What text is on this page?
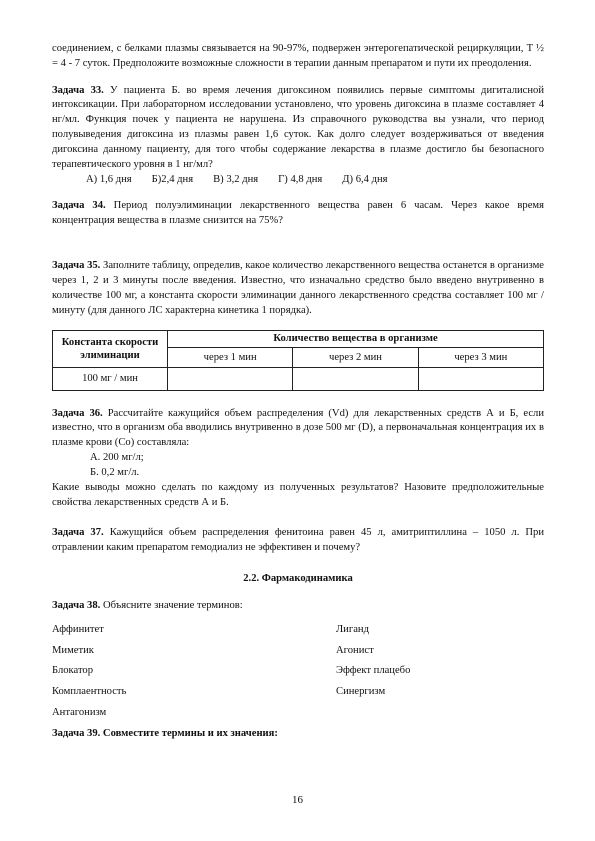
соединением, с белками плазмы связывается на 90-97%, подвержен энтерогепатической рециркуляции, T ½ = 4 - 7 суток. Предположите возможные сложности в терапии данным препаратом и пути их преодоления.

Задача 33. У пациента Б. во время лечения дигоксином появились первые симптомы дигиталисной интоксикации. При лабораторном исследовании установлено, что уровень дигоксина в плазме составляет 4 нг/мл. Функция почек у пациента не нарушена. Из справочного руководства вы узнали, что период полувыведения дигоксина из плазмы равен 1,6 суток. Как долго следует воздерживаться от введения дигоксина данному пациенту, для того чтобы содержание лекарства в плазме достигло бы безопасного терапевтического уровня в 1 нг/мл?

А) 1,6 дня Б)2,4 дня В) 3,2 дня Г) 4,8 дня Д) 6,4 дня

Задача 34. Период полуэлиминации лекарственного вещества равен 6 часам. Через какое время концентрация вещества в плазме снизится на 75%?

Задача 35. Заполните таблицу, определив, какое количество лекарственного вещества останется в организме через 1, 2 и 3 минуты после введения. Известно, что изначально средство было введено внутривенно в количестве 100 мг, а константа скорости элиминации данного лекарственного средства составляет 100 мг / минуту (для данного ЛС характерна кинетика 1 порядка).

Константа скорости элиминации	Количество вещества в организме		
	через 1 мин	через 2 мин	через 3 мин
100 мг / мин			

Задача 36. Рассчитайте кажущийся объем распределения (Vd) для лекарственных средств А и Б, если известно, что в организм оба вводились внутривенно в дозе 500 мг (D), а первоначальная концентрация их в плазме крови (Со) составляла:

А. 200 мг/л;

Б. 0,2 мг/л.

Какие выводы можно сделать по каждому из полученных результатов? Назовите предположительные свойства лекарственных средств А и Б.

Задача 37. Кажущийся объем распределения фенитоина равен 45 л, амитриптиллина – 1050 л. При отравлении каким препаратом гемодиализ не эффективен и почему?

2.2. Фармакодинамика

Задача 38. Объясните значение терминов:

Аффинитет	Лиганд
Миметик	Агонист
Блокатор	Эффект плацебо
Комплаентность	Синергизм
Антагонизм

Задача 39. Совместите термины и их значения:

16
